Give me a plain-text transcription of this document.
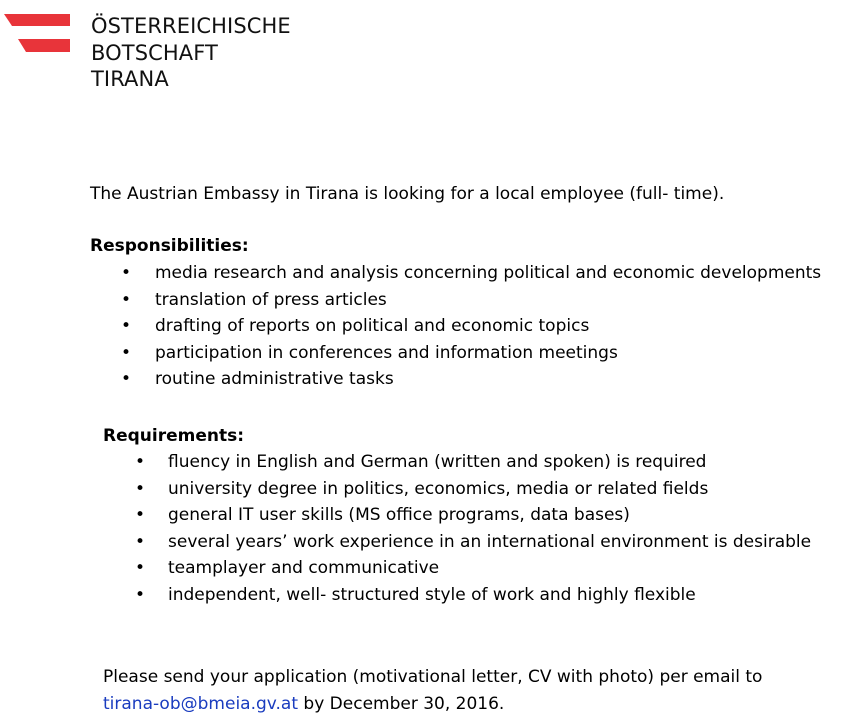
ÖSTERREICHISCHE
BOTSCHAFT
TIRANA
The Austrian Embassy in Tirana is looking for a local employee (full- time).
Responsibilities:
• media research and analysis concerning political and economic developments
• translation of press articles
• drafting of reports on political and economic topics
• participation in conferences and information meetings
• routine administrative tasks
Requirements:
• fluency in English and German (written and spoken) is required
• university degree in politics, economics, media or related fields
• general IT user skills (MS office programs, data bases)
• several years’ work experience in an international environment is desirable
• teamplayer and communicative
• independent, well- structured style of work and highly flexible
Please send your application (motivational letter, CV with photo) per email to
tirana-ob@bmeia.gv.at by December 30, 2016.
